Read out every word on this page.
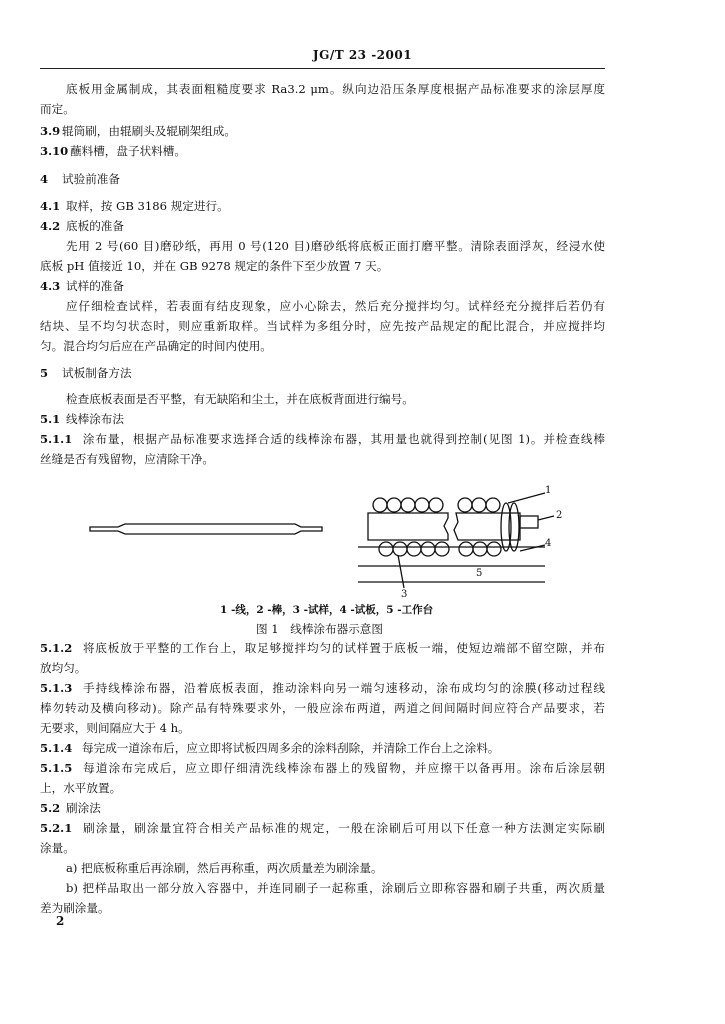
JG/T 23 -2001
底板用金属制成，其表面粗糙度要求 Ra3.2 μm。纵向边沿压条厚度根据产品标准要求的涂层厚度
而定。
3.9 辊筒刷，由辊刷头及辊刷架组成。
3.10 蘸料槽，盘子状料槽。
4 试验前准备
4.1 取样，按 GB 3186 规定进行。
4.2 底板的准备
先用 2 号(60 目)磨砂纸，再用 0 号(120 目)磨砂纸将底板正面打磨平整。清除表面浮灰，经浸水使
底板 pH 值接近 10，并在 GB 9278 规定的条件下至少放置 7 天。
4.3 试样的准备
应仔细检查试样，若表面有结皮现象，应小心除去，然后充分搅拌均匀。试样经充分搅拌后若仍有
结块、呈不均匀状态时，则应重新取样。当试样为多组分时，应先按产品规定的配比混合，并应搅拌均
匀。混合均匀后应在产品确定的时间内使用。
5 试板制备方法
检查底板表面是否平整，有无缺陷和尘土，并在底板背面进行编号。
5.1 线棒涂布法
5.1.1 涂布量，根据产品标准要求选择合适的线棒涂布器，其用量也就得到控制(见图 1)。并检查线棒
丝缝是否有残留物，应清除干净。
1
2
4
5
3
1 -线，2 -棒，3 -试样，4 -试板，5 -工作台
图 1　线棒涂布器示意图
5.1.2 将底板放于平整的工作台上，取足够搅拌均匀的试样置于底板一端，使短边端部不留空隙，并布
放均匀。
5.1.3 手持线棒涂布器，沿着底板表面，推动涂料向另一端匀速移动，涂布成均匀的涂膜(移动过程线
棒勿转动及横向移动)。除产品有特殊要求外，一般应涂布两道，两道之间间隔时间应符合产品要求，若
无要求，则间隔应大于 4 h。
5.1.4 每完成一道涂布后，应立即将试板四周多余的涂料刮除，并清除工作台上之涂料。
5.1.5 每道涂布完成后，应立即仔细清洗线棒涂布器上的残留物，并应擦干以备再用。涂布后涂层朝
上，水平放置。
5.2 刷涂法
5.2.1 刷涂量，刷涂量宜符合相关产品标准的规定，一般在涂刷后可用以下任意一种方法测定实际刷
涂量。
a) 把底板称重后再涂刷，然后再称重，两次质量差为刷涂量。
b) 把样品取出一部分放入容器中，并连同刷子一起称重，涂刷后立即称容器和刷子共重，两次质量
差为刷涂量。
2
